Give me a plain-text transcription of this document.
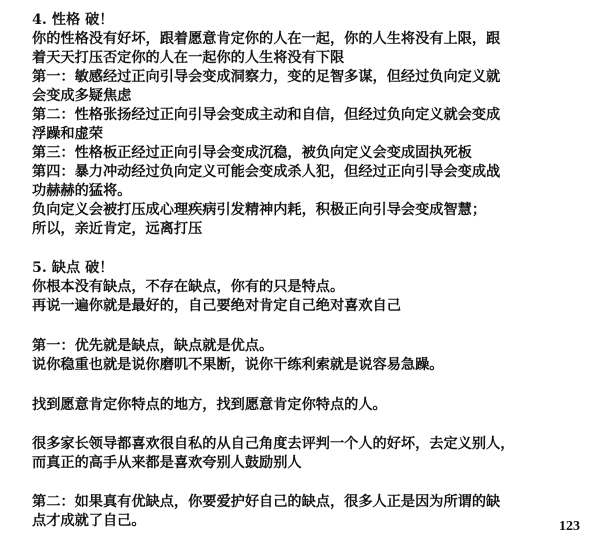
4. 性格 破！
你的性格没有好坏，跟着愿意肯定你的人在一起，你的人生将没有上限，跟
着天天打压否定你的人在一起你的人生将没有下限
第一：敏感经过正向引导会变成洞察力，变的足智多谋，但经过负向定义就
会变成多疑焦虑
第二：性格张扬经过正向引导会变成主动和自信，但经过负向定义就会变成
浮躁和虚荣
第三：性格板正经过正向引导会变成沉稳，被负向定义会变成固执死板
第四：暴力冲动经过负向定义可能会变成杀人犯，但经过正向引导会变成战
功赫赫的猛将。
负向定义会被打压成心理疾病引发精神内耗，积极正向引导会变成智慧；
所以，亲近肯定，远离打压
5. 缺点 破！
你根本没有缺点，不存在缺点，你有的只是特点。
再说一遍你就是最好的，自己要绝对肯定自己绝对喜欢自己
第一：优先就是缺点，缺点就是优点。
说你稳重也就是说你磨叽不果断，说你干练利索就是说容易急躁。
找到愿意肯定你特点的地方，找到愿意肯定你特点的人。
很多家长领导都喜欢很自私的从自己角度去评判一个人的好坏，去定义别人，
而真正的高手从来都是喜欢夸别人鼓励别人
第二：如果真有优缺点，你要爱护好自己的缺点，很多人正是因为所谓的缺
点才成就了自己。	123
